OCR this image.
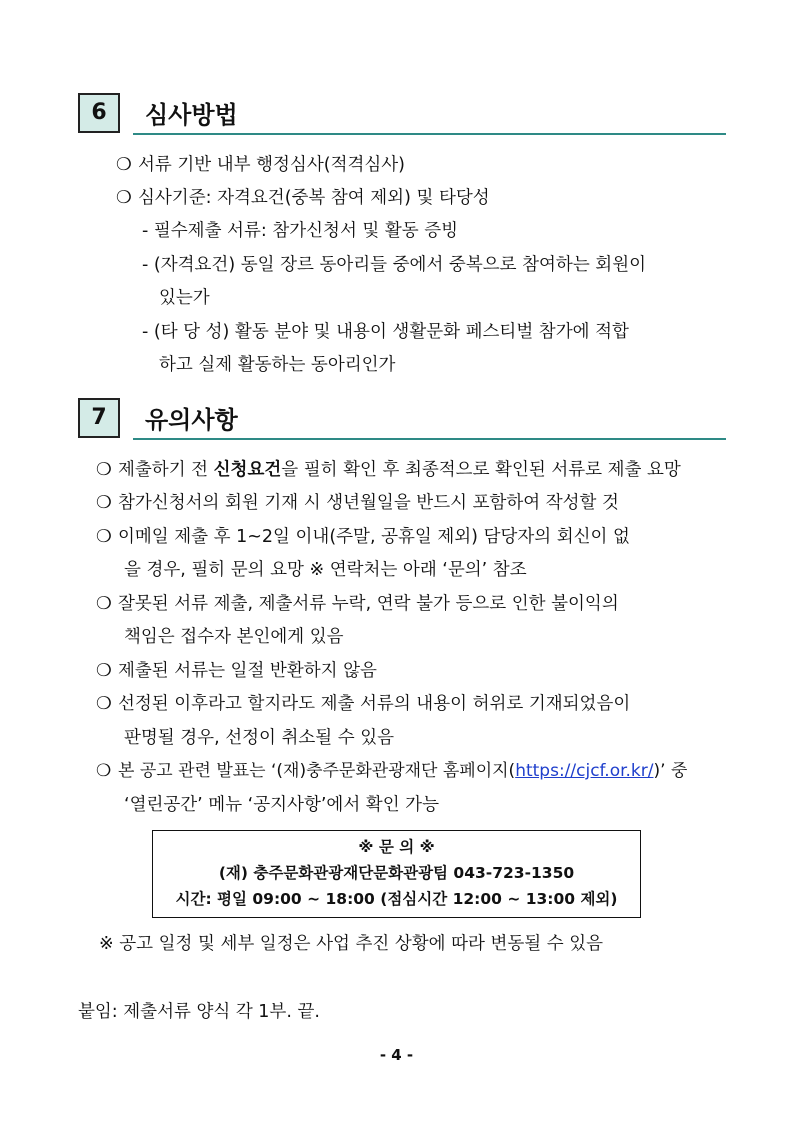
6	심사방법
❍ 서류 기반 내부 행정심사(적격심사)
❍ 심사기준: 자격요건(중복 참여 제외) 및 타당성
- 필수제출 서류: 참가신청서 및 활동 증빙
- (자격요건) 동일 장르 동아리들 중에서 중복으로 참여하는 회원이
있는가
- (타 당 성) 활동 분야 및 내용이 생활문화 페스티벌 참가에 적합
하고 실제 활동하는 동아리인가
7	유의사항
❍ 제출하기 전 신청요건을 필히 확인 후 최종적으로 확인된 서류로 제출 요망
❍ 참가신청서의 회원 기재 시 생년월일을 반드시 포함하여 작성할 것
❍ 이메일 제출 후 1~2일 이내(주말, 공휴일 제외) 담당자의 회신이 없
을 경우, 필히 문의 요망 ※ 연락처는 아래 ‘문의’ 참조
❍ 잘못된 서류 제출, 제출서류 누락, 연락 불가 등으로 인한 불이익의
책임은 접수자 본인에게 있음
❍ 제출된 서류는 일절 반환하지 않음
❍ 선정된 이후라고 할지라도 제출 서류의 내용이 허위로 기재되었음이
판명될 경우, 선정이 취소될 수 있음
❍ 본 공고 관련 발표는 ‘(재)충주문화관광재단 홈페이지(https://cjcf.or.kr/)’ 중
‘열린공간’ 메뉴 ‘공지사항’에서 확인 가능
※ 문 의 ※
(재) 충주문화관광재단문화관광팀 043-723-1350
시간: 평일 09:00 ~ 18:00 (점심시간 12:00 ~ 13:00 제외)
※ 공고 일정 및 세부 일정은 사업 추진 상황에 따라 변동될 수 있음
붙임: 제출서류 양식 각 1부. 끝.
- 4 -
